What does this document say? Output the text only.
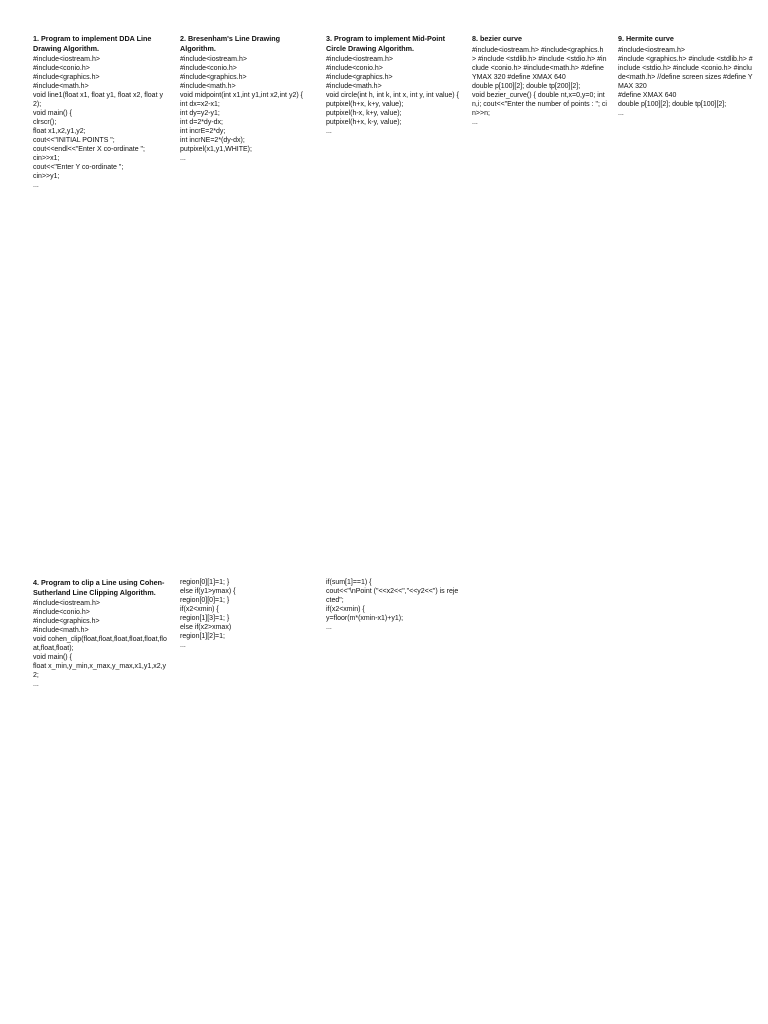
1. Program to implement DDA Line Drawing Algorithm.
#include<iostream.h>
#include<conio.h>
#include<graphics.h>
#include<math.h>
void line1(float x1, float y1, float x2, float y2);
void main() {
clrscr();
float x1,x2,y1,y2;
cout<<"INITIAL POINTS ";
cout<<endl<<"Enter X co-ordinate ";
cin>>x1;
cout<<"Enter Y co-ordinate ";
cin>>y1;
...
2. Bresenham's Line Drawing Algorithm.
#include<iostream.h>
#include<conio.h>
#include<graphics.h>
#include<math.h>
void midpoint(int x1,int y1,int x2,int y2) {
int dx=x2-x1;
int dy=y2-y1;
int d=2*dy-dx;
int incrE=2*dy;
int incrNE=2*(dy-dx);
putpixel(x1,y1,WHITE);
...
3. Program to implement Mid-Point Circle Drawing Algorithm.
#include<iostream.h>
#include<conio.h>
#include<graphics.h>
#include<math.h>
void circle(int h, int k, int x, int y, int value) {
putpixel(h+x, k+y, value);
putpixel(h-x, k+y, value);
putpixel(h+x, k-y, value);
...
8. bezier curve
#include<iostream.h> #include<graphics.h> #include <stdlib.h> #include <stdio.h> #include <conio.h> #include<math.h> #define YMAX 320 #define XMAX 640
double p[100][2]; double tp[200][2];
void bezier_curve() { double nt,x=0,y=0; int n,i; cout<<"Enter the number of points : "; cin>>n;
...
9. Hermite curve
#include<iostream.h>
#include <graphics.h> #include <stdlib.h> #include <stdio.h> #include <conio.h> #include<math.h> //define screen sizes #define YMAX 320
#define XMAX 640
double p[100][2]; double tp[100][2];
...
4. Program to clip a Line using Cohen-Sutherland Line Clipping Algorithm.
#include<iostream.h>
#include<conio.h>
#include<graphics.h>
#include<math.h>
void cohen_clip(float,float,float,float,float,float,float,float);
void main() {
float x_min,y_min,x_max,y_max,x1,y1,x2,y2;
...
region[0][1]=1; }
else if(y1>ymax) {
region[0][0]=1; }
if(x2<xmin) {
region[1][3]=1; }
else if(x2>xmax)
region[1][2]=1;
...
if(sum[1]==1) {
cout<<"\nPoint ("<<x2<<","<<y2<<") is rejected";
if(x2<xmin) {
y=floor(m*(xmin-x1)+y1);
...
